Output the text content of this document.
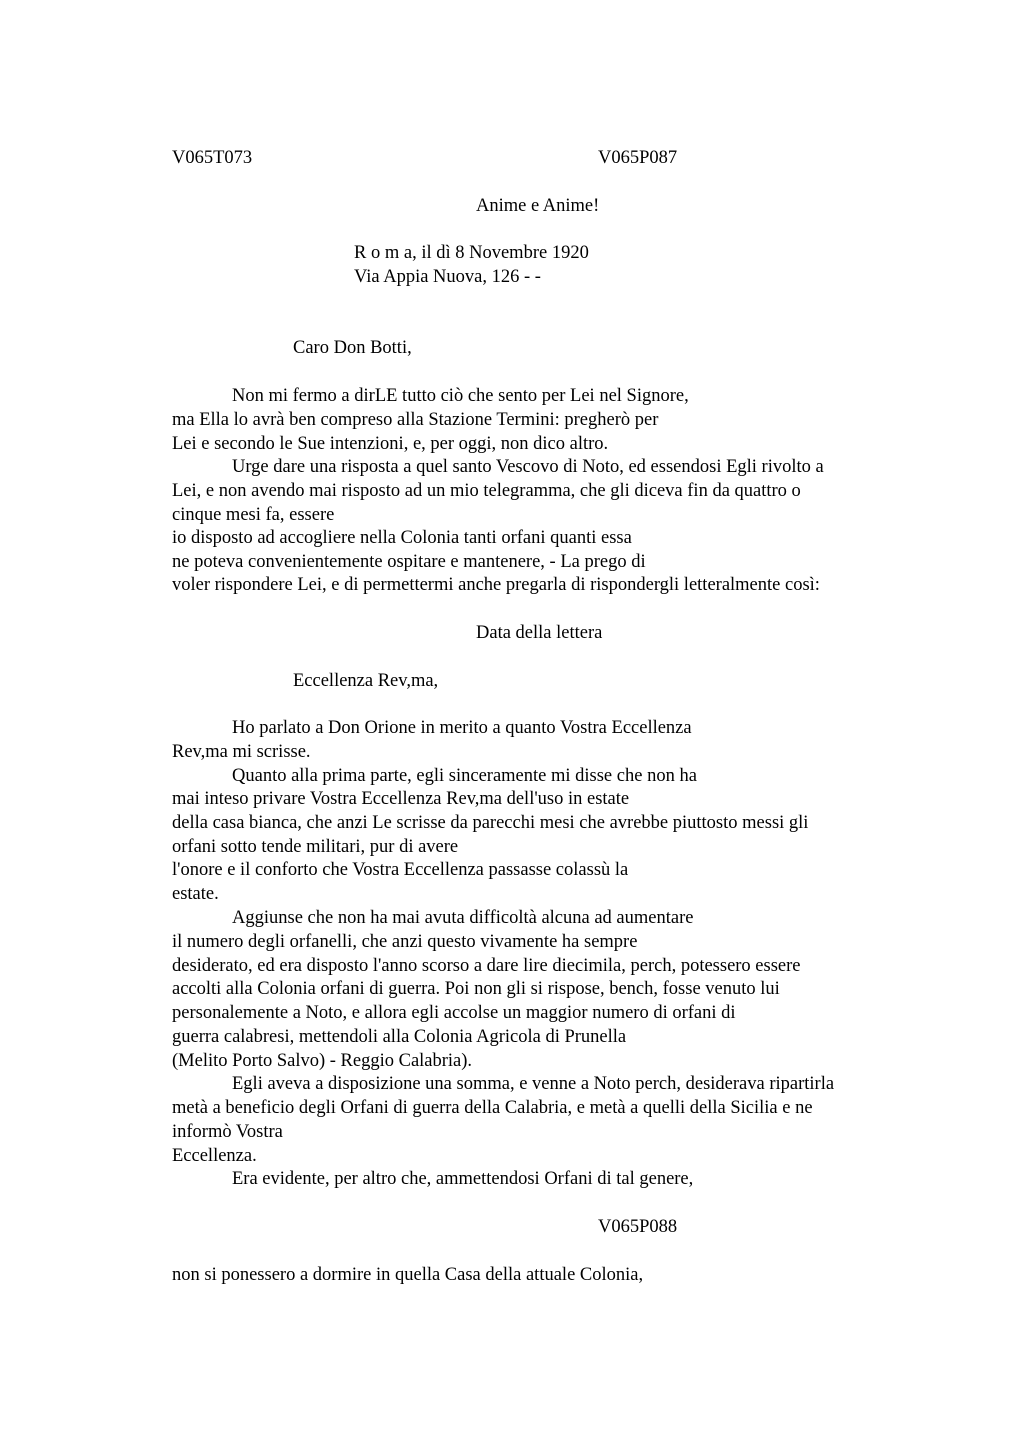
V065T073	V065P087
Anime e Anime!
R o m a, il dì 8 Novembre 1920
Via Appia Nuova, 126 - -
Caro Don Botti,
Non mi fermo a dirLE tutto ciò che sento per Lei nel Signore,
ma Ella lo avrà ben compreso alla Stazione Termini: pregherò per
Lei e secondo le Sue intenzioni, e, per oggi, non dico altro.
Urge dare una risposta a quel santo Vescovo di Noto, ed essendosi Egli rivolto a
Lei, e non avendo mai risposto ad un mio telegramma, che gli diceva fin da quattro o
cinque mesi fa, essere
io disposto ad accogliere nella Colonia tanti orfani quanti essa
ne poteva convenientemente ospitare e mantenere, - La prego di
voler rispondere Lei, e di permettermi anche pregarla di rispondergli letteralmente così:
Data della lettera
Eccellenza Rev,ma,
Ho parlato a Don Orione in merito a quanto Vostra Eccellenza
Rev,ma mi scrisse.
Quanto alla prima parte, egli sinceramente mi disse che non ha
mai inteso privare Vostra Eccellenza Rev,ma dell'uso in estate
della casa bianca, che anzi Le scrisse da parecchi mesi che avrebbe piuttosto messi gli
orfani sotto tende militari, pur di avere
l'onore e il conforto che Vostra Eccellenza passasse colassù la
estate.
Aggiunse che non ha mai avuta difficoltà alcuna ad aumentare
il numero degli orfanelli, che anzi questo vivamente ha sempre
desiderato, ed era disposto l'anno scorso a dare lire diecimila, perch, potessero essere
accolti alla Colonia orfani di guerra. Poi non gli si rispose, bench, fosse venuto lui
personalemente a Noto, e allora egli accolse un maggior numero di orfani di
guerra calabresi, mettendoli alla Colonia Agricola di Prunella
(Melito Porto Salvo) - Reggio Calabria).
Egli aveva a disposizione una somma, e venne a Noto perch, desiderava ripartirla
metà a beneficio degli Orfani di guerra della Calabria, e metà a quelli della Sicilia e ne
informò Vostra
Eccellenza.
Era evidente, per altro che, ammettendosi Orfani di tal genere,
V065P088
non si ponessero a dormire in quella Casa della attuale Colonia,
